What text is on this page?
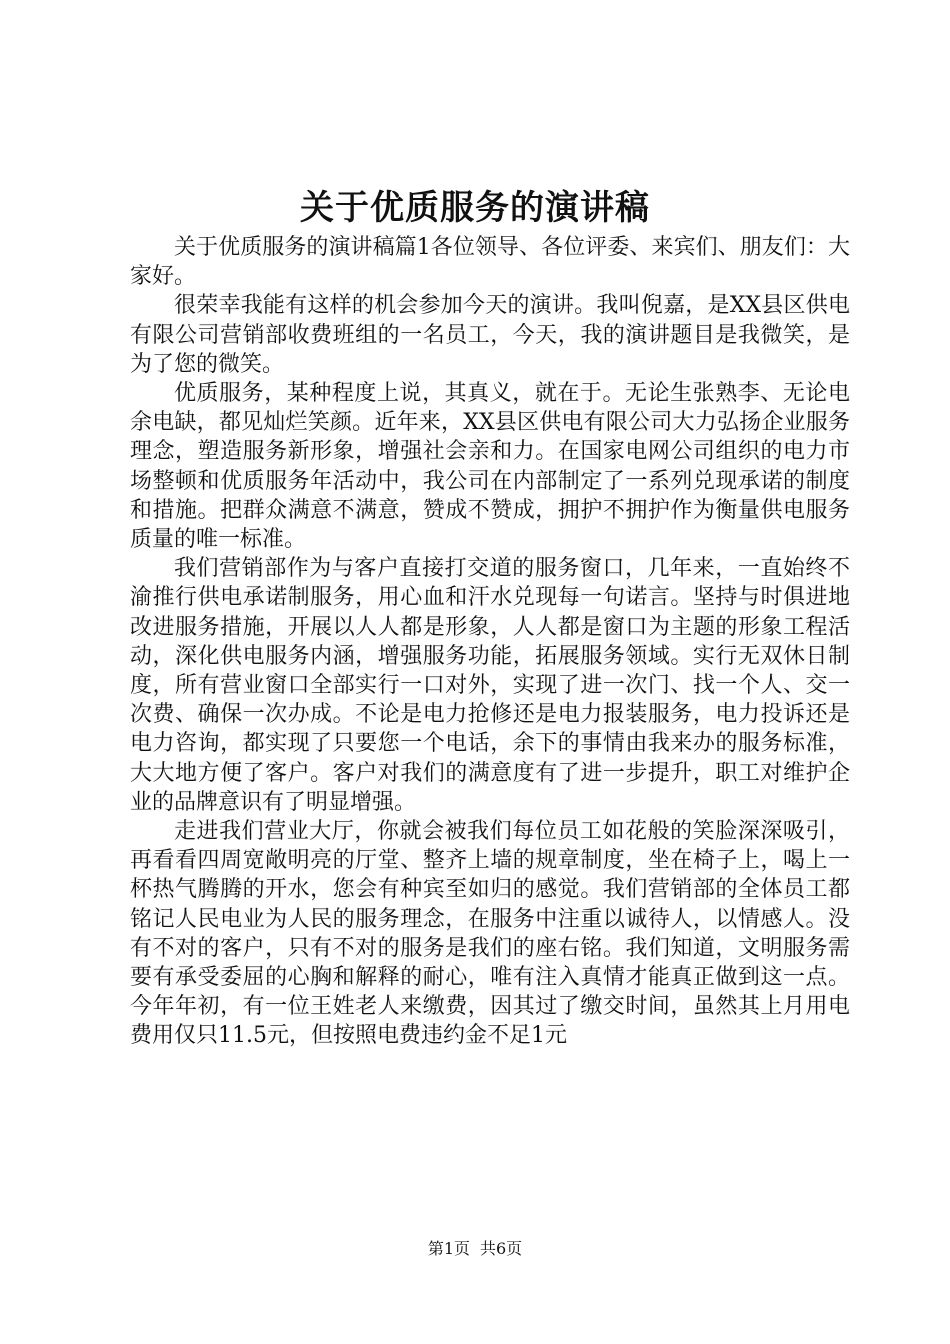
关于优质服务的演讲稿

关于优质服务的演讲稿篇1各位领导、各位评委、来宾们、朋友们：大家好。

很荣幸我能有这样的机会参加今天的演讲。我叫倪嘉，是XX县区供电有限公司营销部收费班组的一名员工，今天，我的演讲题目是我微笑，是为了您的微笑。

优质服务，某种程度上说，其真义，就在于。无论生张熟李、无论电余电缺，都见灿烂笑颜。近年来，XX县区供电有限公司大力弘扬企业服务理念，塑造服务新形象，增强社会亲和力。在国家电网公司组织的电力市场整顿和优质服务年活动中，我公司在内部制定了一系列兑现承诺的制度和措施。把群众满意不满意，赞成不赞成，拥护不拥护作为衡量供电服务质量的唯一标准。

我们营销部作为与客户直接打交道的服务窗口，几年来，一直始终不渝推行供电承诺制服务，用心血和汗水兑现每一句诺言。坚持与时俱进地改进服务措施，开展以人人都是形象，人人都是窗口为主题的形象工程活动，深化供电服务内涵，增强服务功能，拓展服务领域。实行无双休日制度，所有营业窗口全部实行一口对外，实现了进一次门、找一个人、交一次费、确保一次办成。不论是电力抢修还是电力报装服务，电力投诉还是电力咨询，都实现了只要您一个电话，余下的事情由我来办的服务标准，大大地方便了客户。客户对我们的满意度有了进一步提升，职工对维护企业的品牌意识有了明显增强。

走进我们营业大厅，你就会被我们每位员工如花般的笑脸深深吸引，再看看四周宽敞明亮的厅堂、整齐上墙的规章制度，坐在椅子上，喝上一杯热气腾腾的开水，您会有种宾至如归的感觉。我们营销部的全体员工都铭记人民电业为人民的服务理念，在服务中注重以诚待人，以情感人。没有不对的客户，只有不对的服务是我们的座右铭。我们知道，文明服务需要有承受委屈的心胸和解释的耐心，唯有注入真情才能真正做到这一点。今年年初，有一位王姓老人来缴费，因其过了缴交时间，虽然其上月用电费用仅只11.5元，但按照电费违约金不足1元

第1页 共6页
